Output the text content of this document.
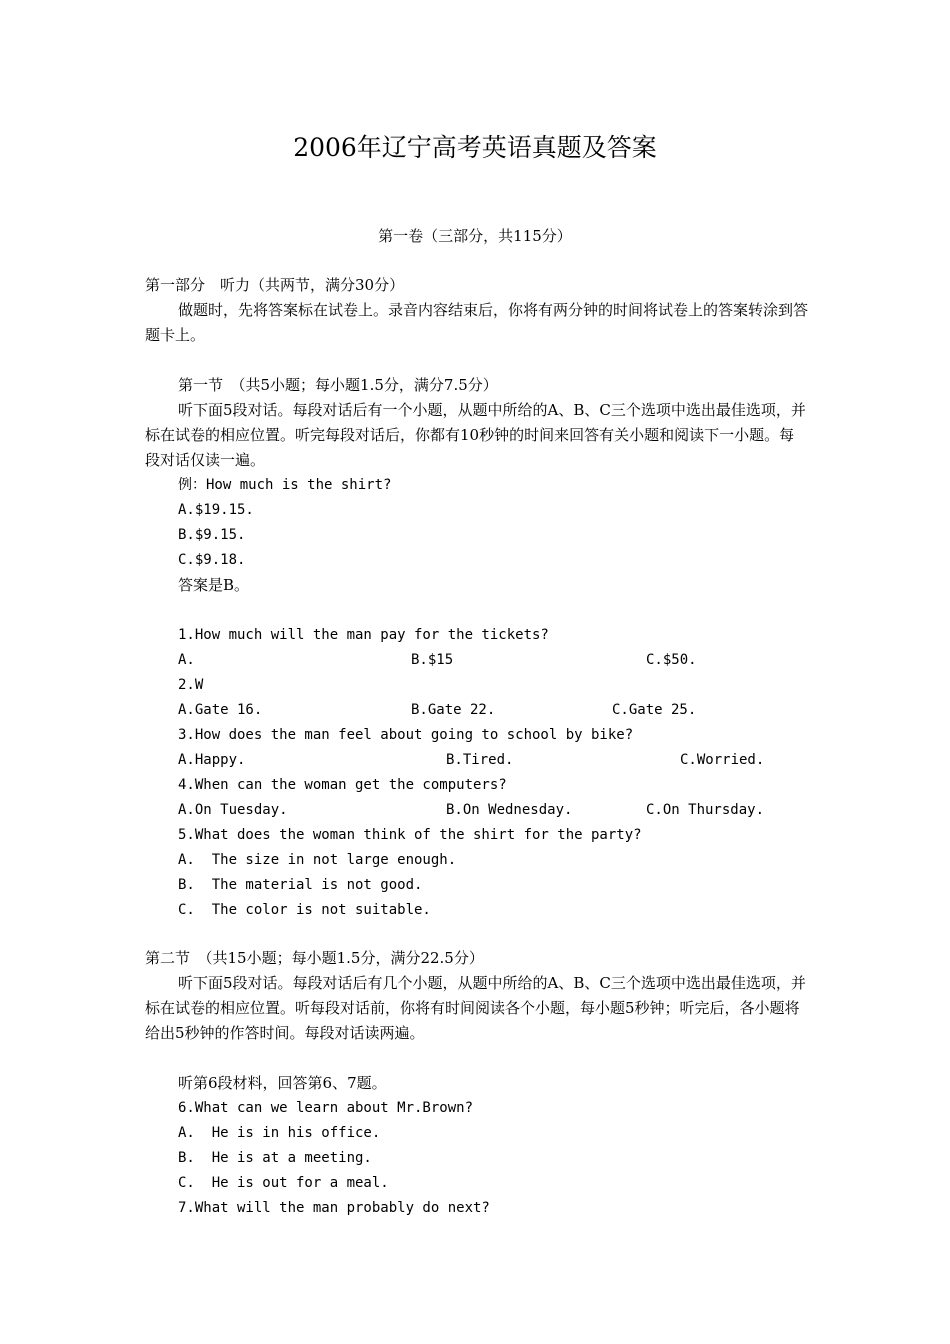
2006年辽宁高考英语真题及答案
第一卷（三部分，共115分）
第一部分　听力（共两节，满分30分）
做题时，先将答案标在试卷上。录音内容结束后，你将有两分钟的时间将试卷上的答案转涂到答题卡上。
第一节　（共5小题；每小题1.5分，满分7.5分）
听下面5段对话。每段对话后有一个小题，从题中所给的A、B、C三个选项中选出最佳选项，并标在试卷的相应位置。听完每段对话后，你都有10秒钟的时间来回答有关小题和阅读下一小题。每段对话仅读一遍。
例：How much is the shirt?
A.$19.15.
B.$9.15.
C.$9.18.
答案是B。
1.How much will the man pay for the tickets?
A.	B.$15	C.$50.
2.W
A.Gate 16.	B.Gate 22.	C.Gate 25.
3.How does the man feel about going to school by bike?
A.Happy.	B.Tired.	C.Worried.
4.When can the woman get the computers?
A.On Tuesday.	B.On Wednesday.	C.On Thursday.
5.What does the woman think of the shirt for the party?
A.  The size in not large enough.
B.  The material is not good.
C.  The color is not suitable.
第二节　（共15小题；每小题1.5分，满分22.5分）
听下面5段对话。每段对话后有几个小题，从题中所给的A、B、C三个选项中选出最佳选项，并标在试卷的相应位置。听每段对话前，你将有时间阅读各个小题，每小题5秒钟；听完后，各小题将给出5秒钟的作答时间。每段对话读两遍。
听第6段材料，回答第6、7题。
6.What can we learn about Mr.Brown?
A.  He is in his office.
B.  He is at a meeting.
C.  He is out for a meal.
7.What will the man probably do next?
